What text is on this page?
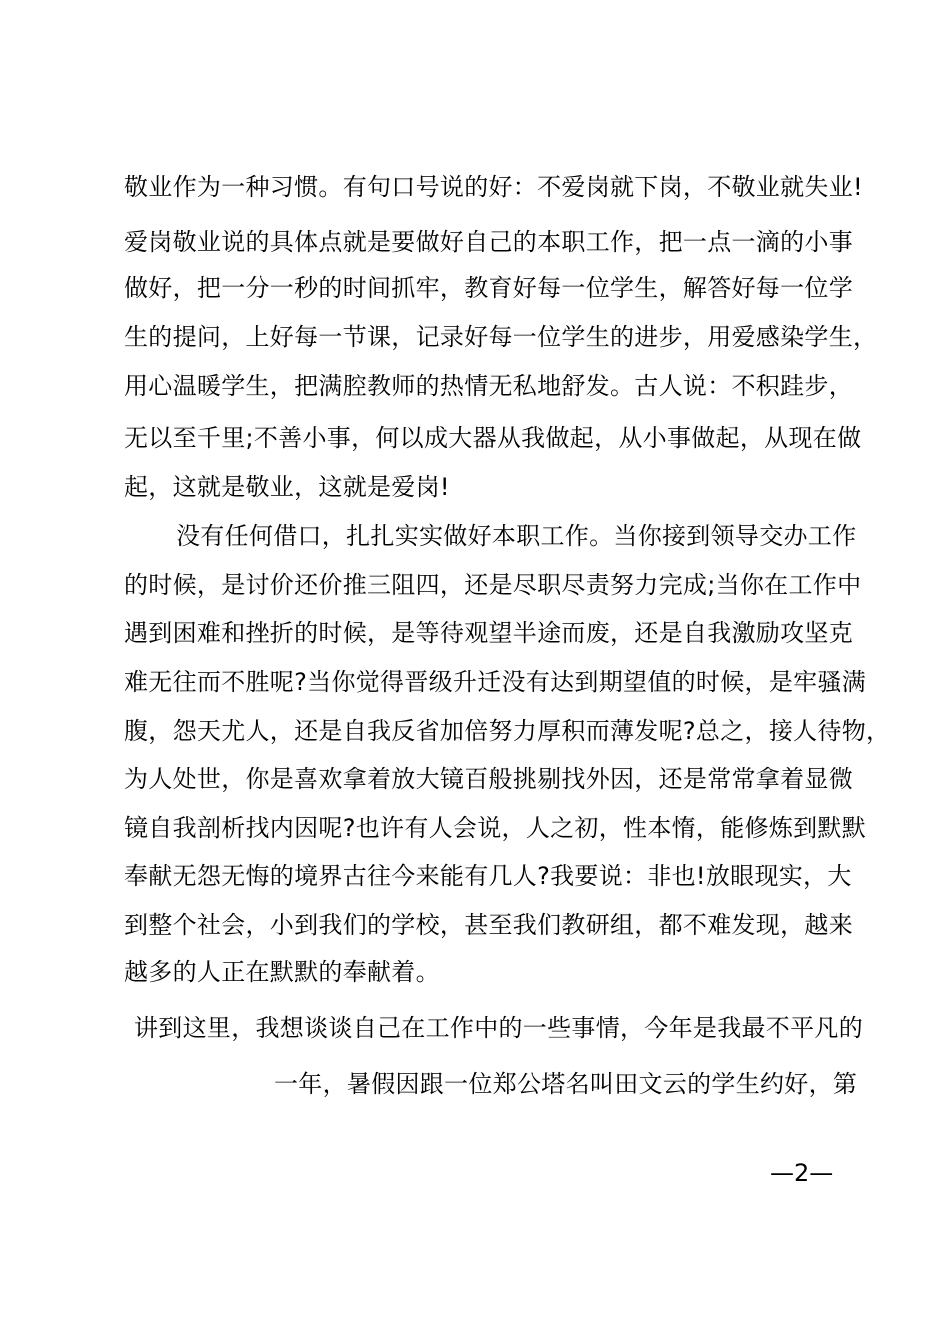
敬业作为一种习惯。有句口号说的好：不爱岗就下岗，不敬业就失业!
爱岗敬业说的具体点就是要做好自己的本职工作，把一点一滴的小事
做好，把一分一秒的时间抓牢，教育好每一位学生，解答好每一位学
生的提问，上好每一节课，记录好每一位学生的进步，用爱感染学生，
用心温暖学生，把满腔教师的热情无私地舒发。古人说：不积跬步，
无以至千里;不善小事，何以成大器从我做起，从小事做起，从现在做
起，这就是敬业，这就是爱岗!
没有任何借口，扎扎实实做好本职工作。当你接到领导交办工作
的时候，是讨价还价推三阻四，还是尽职尽责努力完成;当你在工作中
遇到困难和挫折的时候，是等待观望半途而废，还是自我激励攻坚克
难无往而不胜呢?当你觉得晋级升迁没有达到期望值的时候，是牢骚满
腹，怨天尤人，还是自我反省加倍努力厚积而薄发呢?总之，接人待物，
为人处世，你是喜欢拿着放大镜百般挑剔找外因，还是常常拿着显微
镜自我剖析找内因呢?也许有人会说，人之初，性本惰，能修炼到默默
奉献无怨无悔的境界古往今来能有几人?我要说：非也!放眼现实，大
到整个社会，小到我们的学校，甚至我们教研组，都不难发现，越来
越多的人正在默默的奉献着。
讲到这里，我想谈谈自己在工作中的一些事情，今年是我最不平凡的
一年，暑假因跟一位郑公塔名叫田文云的学生约好，第
—2—
